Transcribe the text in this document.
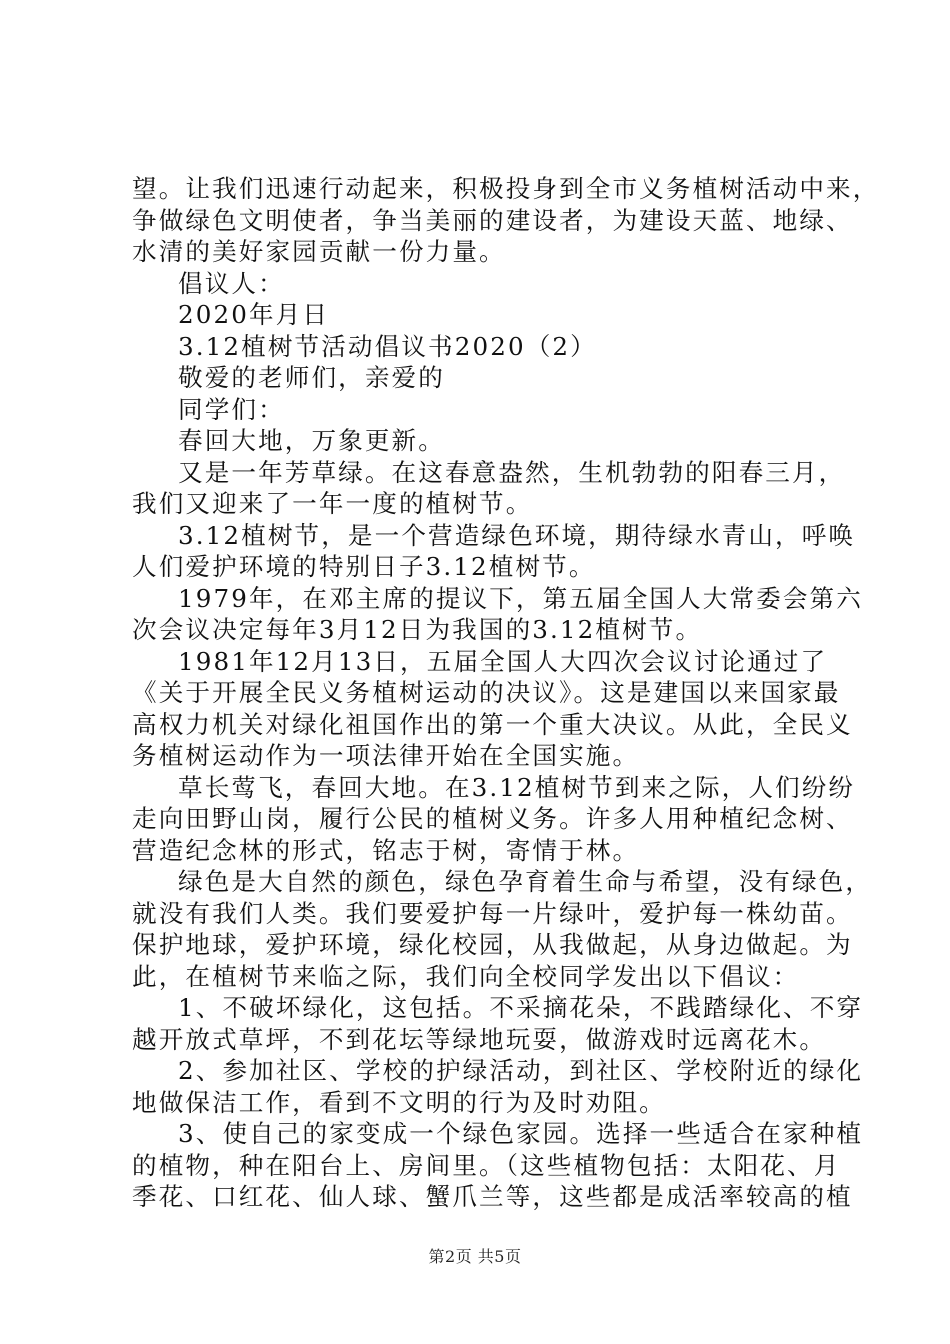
望。让我们迅速行动起来，积极投身到全市义务植树活动中来，
争做绿色文明使者，争当美丽的建设者，为建设天蓝、地绿、
水清的美好家园贡献一份力量。
倡议人：
2020年月日
3.12植树节活动倡议书2020（2）
敬爱的老师们，亲爱的
同学们：
春回大地，万象更新。
又是一年芳草绿。在这春意盎然，生机勃勃的阳春三月，
我们又迎来了一年一度的植树节。
3.12植树节，是一个营造绿色环境，期待绿水青山，呼唤
人们爱护环境的特别日子3.12植树节。
1979年，在邓主席的提议下，第五届全国人大常委会第六
次会议决定每年3月12日为我国的3.12植树节。
1981年12月13日，五届全国人大四次会议讨论通过了
《关于开展全民义务植树运动的决议》。这是建国以来国家最
高权力机关对绿化祖国作出的第一个重大决议。从此，全民义
务植树运动作为一项法律开始在全国实施。
草长莺飞，春回大地。在3.12植树节到来之际，人们纷纷
走向田野山岗，履行公民的植树义务。许多人用种植纪念树、
营造纪念林的形式，铭志于树，寄情于林。
绿色是大自然的颜色，绿色孕育着生命与希望，没有绿色，
就没有我们人类。我们要爱护每一片绿叶，爱护每一株幼苗。
保护地球，爱护环境，绿化校园，从我做起，从身边做起。为
此，在植树节来临之际，我们向全校同学发出以下倡议：
1、不破坏绿化，这包括。不采摘花朵，不践踏绿化、不穿
越开放式草坪，不到花坛等绿地玩耍，做游戏时远离花木。
2、参加社区、学校的护绿活动，到社区、学校附近的绿化
地做保洁工作，看到不文明的行为及时劝阻。
3、使自己的家变成一个绿色家园。选择一些适合在家种植
的植物，种在阳台上、房间里。（这些植物包括：太阳花、月
季花、口红花、仙人球、蟹爪兰等，这些都是成活率较高的植
第2页 共5页
